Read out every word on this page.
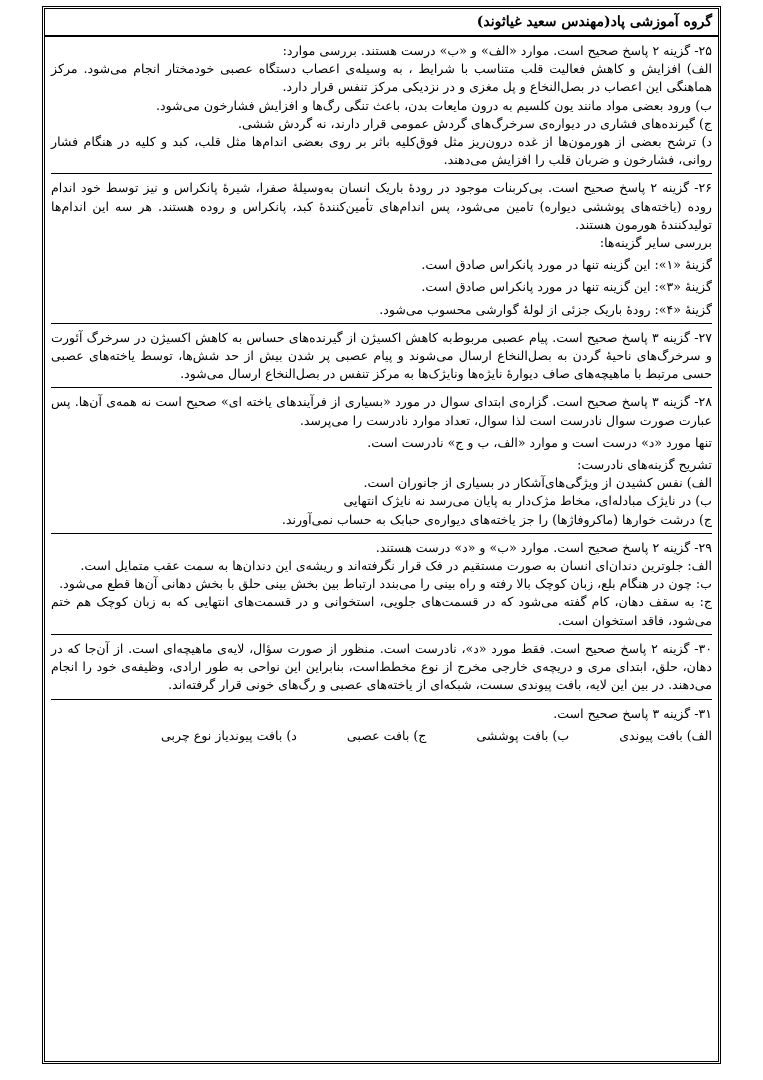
گروه آموزشی پاد(مهندس سعید غیاثوند)

۲۵- گزینه ۲ پاسخ صحیح است. موارد «الف» و «ب» درست هستند. بررسی موارد:

الف) افزایش و کاهش فعالیت قلب متناسب با شرایط ، به وسیله‌ی اعصاب دستگاه عصبی خودمختار انجام می‌شود. مرکز هماهنگی این اعصاب در بصل‌النخاع و پل مغزی و در نزدیکی مرکز تنفس قرار دارد.

ب) ورود بعضی مواد مانند یون کلسیم به درون مایعات بدن، باعث تنگی رگ‌ها و افزایش فشارخون می‌شود.

ج) گیرنده‌های فشاری در دیواره‌ی سرخرگ‌های گردش عمومی قرار دارند، نه گردش ششی.

د) ترشح بعضی از هورمون‌ها از غده درون‌ریز مثل فوق‌کلیه باثر بر روی بعضی اندام‌ها مثل قلب، کبد و کلیه در هنگام فشار روانی، فشارخون و ضربان قلب را افزایش می‌دهند.

۲۶- گزینه ۲ پاسخ صحیح است. بی‌کربنات موجود در روده‌ٔ باریک انسان به‌وسیلهٔ صفرا، شیرهٔ پانکراس و نیز توسط خود اندام روده (یاخته‌های پوششی دیواره) تامین می‌شود، پس اندام‌های تأمین‌کنندهٔ کبد، پانکراس و روده هستند. هر سه این اندام‌ها تولیدکنندهٔ هورمون هستند.

بررسی سایر گزینه‌ها:

گزینهٔ «۱»: این گزینه تنها در مورد پانکراس صادق است.

گزینهٔ «۳»: این گزینه تنها در مورد پانکراس صادق است.

گزینهٔ «۴»: رودهٔ باریک جزئی از لولهٔ گوارشی محسوب می‌شود.

۲۷- گزینه ۳ پاسخ صحیح است. پیام عصبی مربوط‌به کاهش اکسیژن از گیرنده‌های حساس به کاهش اکسیژن در سرخرگ آئورت و سرخرگ‌های ناحیهٔ گردن به بصل‌النخاع ارسال می‌شوند و پیام عصبی پر شدن بیش از حد شش‌ها، توسط یاخته‌های عصبی حسی مرتبط با ماهیچه‌های صاف دیوارهٔ نایژه‌ها ونایژک‌ها به مرکز تنفس در بصل‌النخاع ارسال می‌شود.

۲۸- گزینه ۳ پاسخ صحیح است. گزاره‌ی ابتدای سوال در مورد «بسیاری از فرآیندهای یاخته ای» صحیح است نه همه‌ی آن‌ها. پس عبارت صورت سوال نادرست است لذا سوال، تعداد موارد نادرست را می‌پرسد.

تنها مورد «د» درست است و موارد «الف، ب و ج» نادرست است.

تشریح گزینه‌های نادرست:

الف) نفس کشیدن از ویژگی‌های‌آشکار در بسیاری از جانوران است.

ب) در نایژک مبادله‌ای، مخاط مژک‌دار به پایان می‌رسد نه نایژک انتهایی

ج) درشت خوارها (ماکروفاژها) را جز یاخته‌های دیواره‌ی حبابک به حساب نمی‌آورند.

۲۹- گزینه ۲ پاسخ صحیح است. موارد «ب» و «د» درست هستند.

الف: جلوترین دندان‌ای انسان به صورت مستقیم در فک قرار نگرفته‌اند و ریشه‌ی این دندان‌ها به سمت عقب متمایل است.

ب: چون در هنگام بلع، زبان کوچک بالا رفته و راه بینی را می‌بندد ارتباط بین بخش بینی حلق با بخش دهانی آن‌ها قطع می‌شود.

ج: به سقف دهان، کام گفته می‌شود که در قسمت‌های جلویی، استخوانی و در قسمت‌های انتهایی که به زبان کوچک هم ختم می‌شود، فاقد استخوان است.

۳۰- گزینه ۲ پاسخ صحیح است. فقط مورد «د»، نادرست است. منظور از صورت سؤال، لایه‌ی ماهیچه‌ای است. از آن‌جا که در دهان، حلق، ابتدای مری و دریچه‌ی خارجی مخرج از نوع مخطط‌است، بنابراین این نواحی به طور ارادی، وظیفه‌ی خود را انجام می‌دهند. در بین این لایه، بافت پیوندی سست، شبکه‌ای از یاخته‌های عصبی و رگ‌های خونی قرار گرفته‌اند.

۳۱- گزینه ۳ پاسخ صحیح است.

الف) بافت پیوندی
ب) بافت پوششی
ج) بافت عصبی
د) بافت پیوندیاز نوع چربی
